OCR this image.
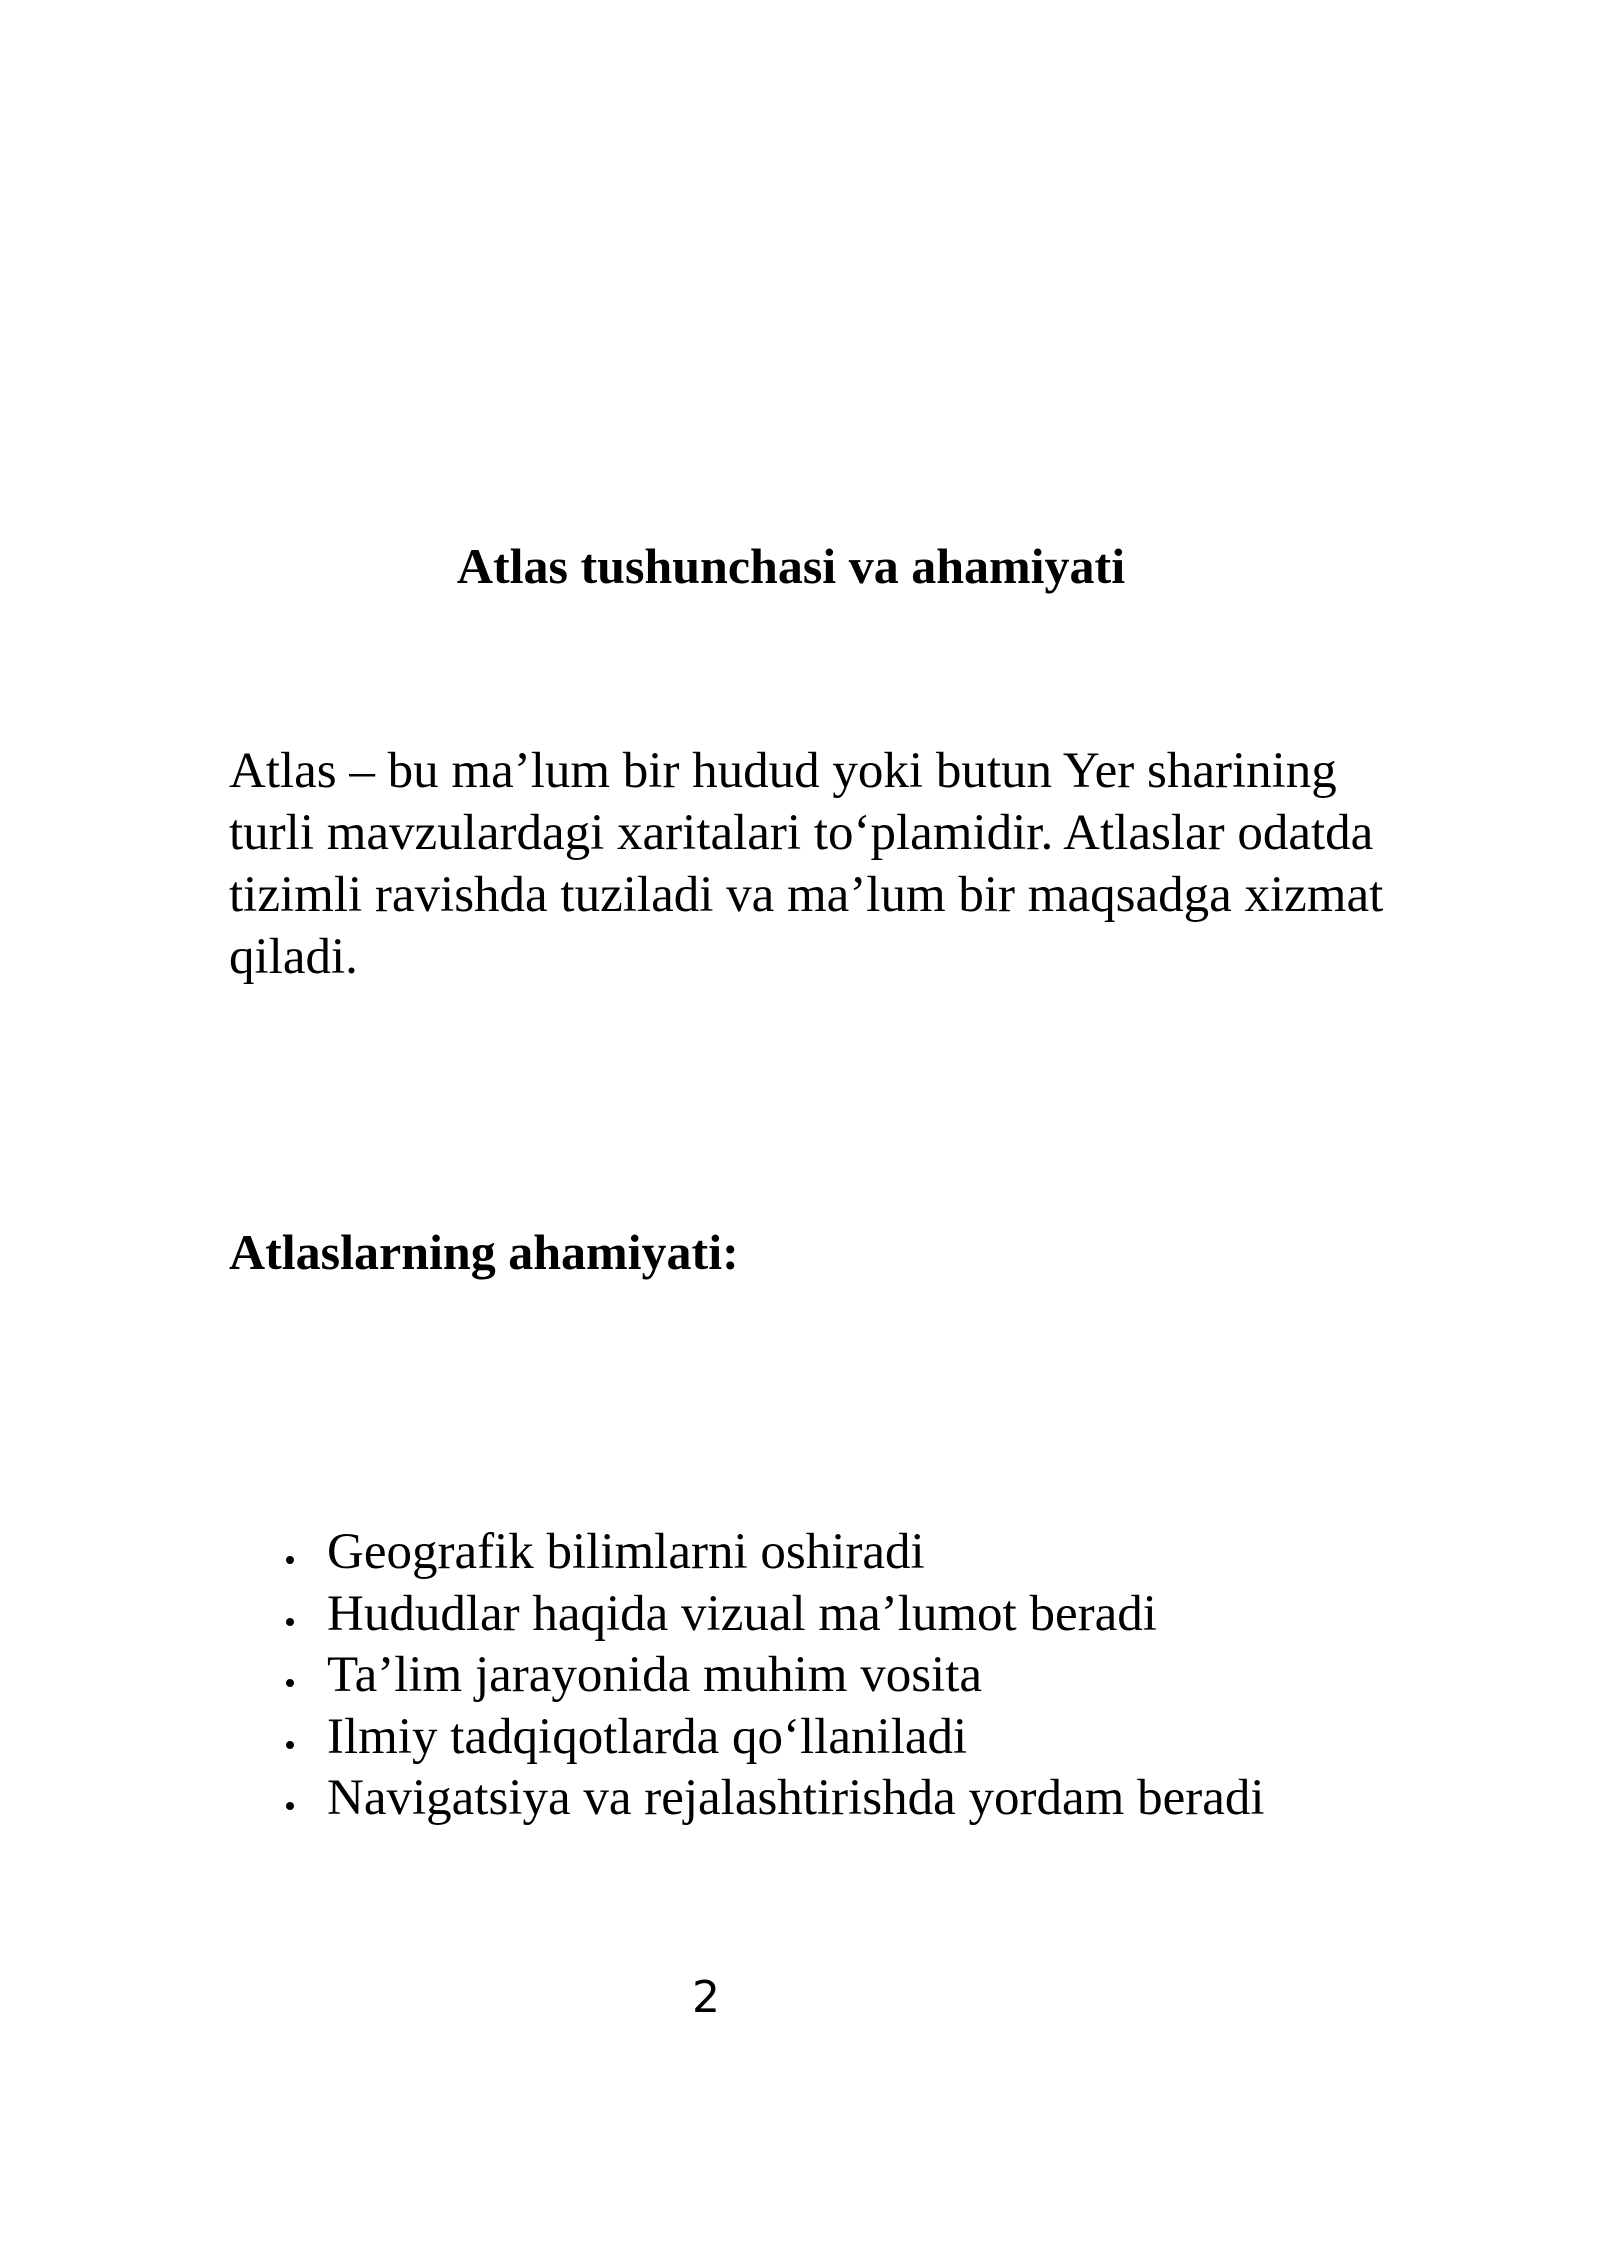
Atlas tushunchasi va ahamiyati

Atlas – bu ma’lum bir hudud yoki butun Yer sharining
turli mavzulardagi xaritalari to‘plamidir. Atlaslar odatda
tizimli ravishda tuziladi va ma’lum bir maqsadga xizmat
qiladi.

Atlaslarning ahamiyati:
Geografik bilimlarni oshiradi
Hududlar haqida vizual ma’lumot beradi
Ta’lim jarayonida muhim vosita
Ilmiy tadqiqotlarda qo‘llaniladi
Navigatsiya va rejalashtirishda yordam beradi
2
